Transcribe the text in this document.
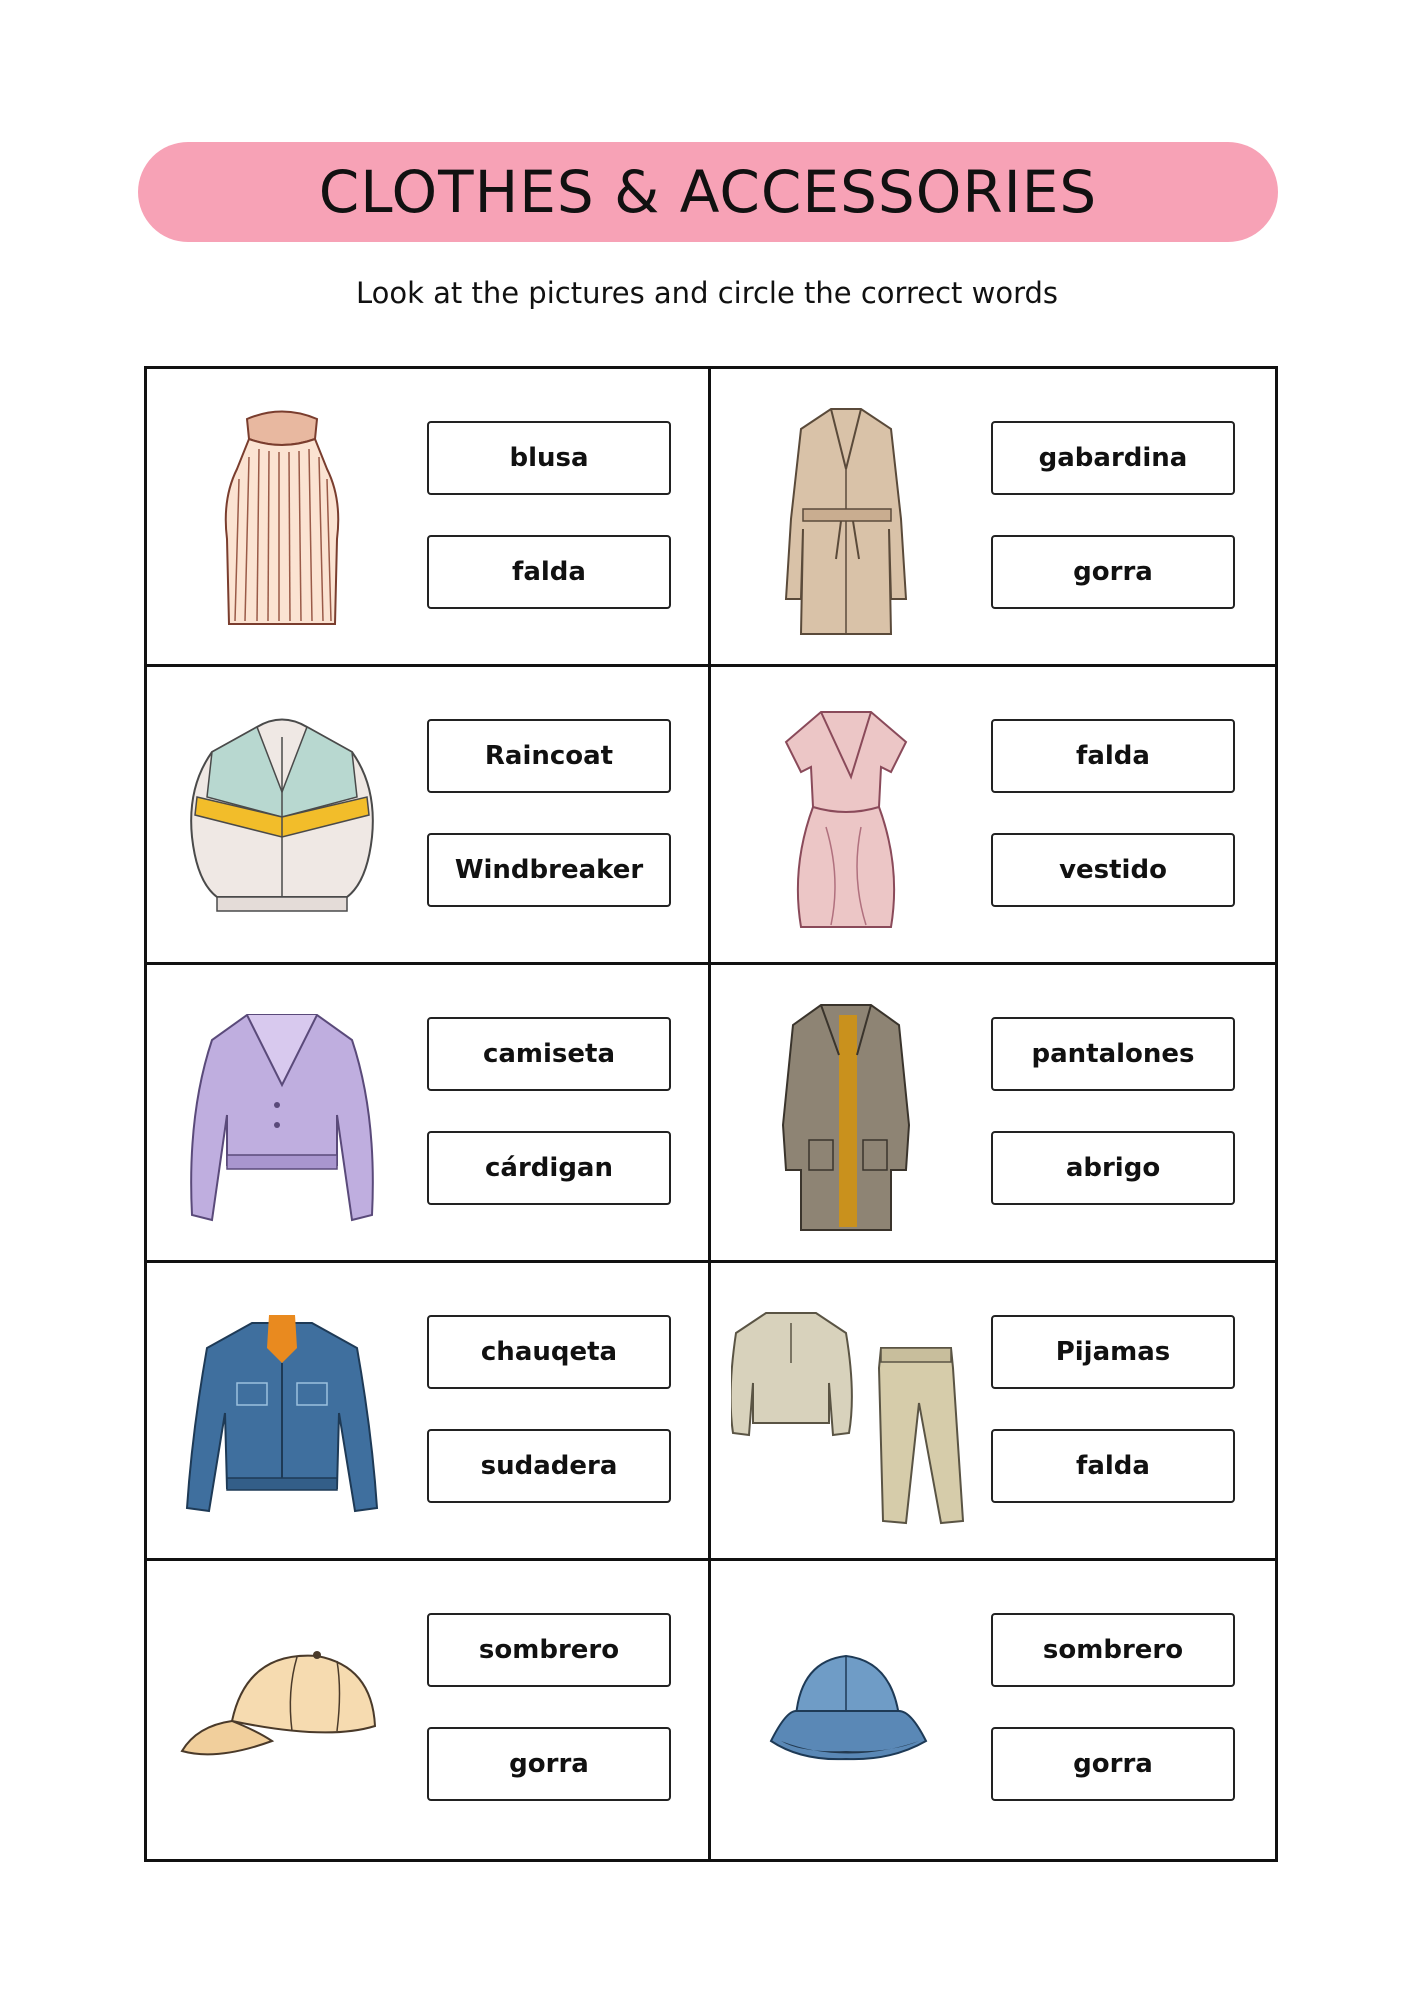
CLOTHES & ACCESSORIES
Look at the pictures and circle the correct words
blusa
falda
gabardina
gorra
Raincoat
Windbreaker
falda
vestido
camiseta
cárdigan
pantalones
abrigo
chauqeta
sudadera
Pijamas
falda
sombrero
gorra
sombrero
gorra
